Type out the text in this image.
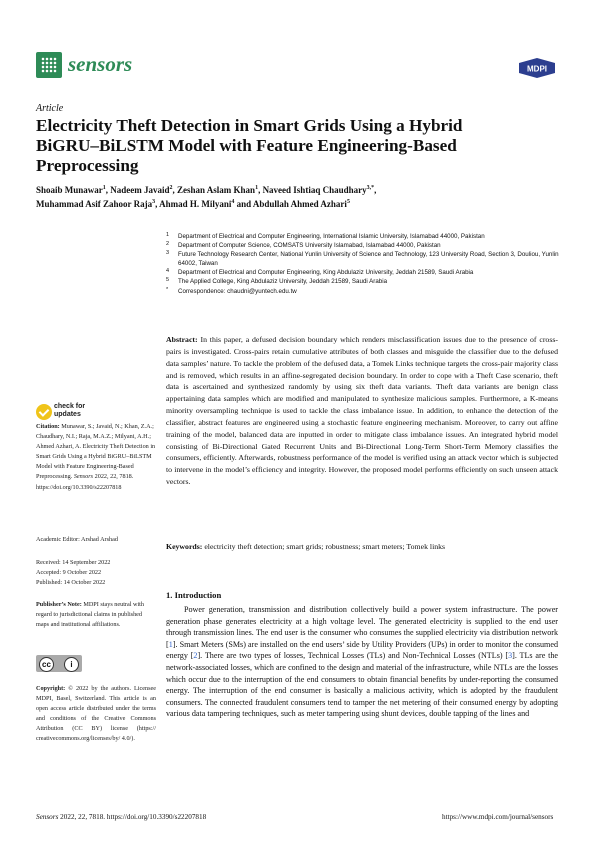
sensors	MDPI
Article
Electricity Theft Detection in Smart Grids Using a Hybrid BiGRU–BiLSTM Model with Feature Engineering-Based Preprocessing
Shoaib Munawar$^1$, Nadeem Javaid$^2$, Zeshan Aslam Khan$^1$, Naveed Ishtiaq Chaudhary$^{3,*}$,
Muhammad Asif Zahoor Raja$^3$, Ahmad H. Milyani$^4$ and Abdullah Ahmed Azhari$^5$
1 Department of Electrical and Computer Engineering, International Islamic University, Islamabad 44000, Pakistan
2 Department of Computer Science, COMSATS University Islamabad, Islamabad 44000, Pakistan
3 Future Technology Research Center, National Yunlin University of Science and Technology, 123 University Road, Section 3, Douliou, Yunlin 64002, Taiwan
4 Department of Electrical and Computer Engineering, King Abdulaziz University, Jeddah 21589, Saudi Arabia
5 The Applied College, King Abdulaziz University, Jeddah 21589, Saudi Arabia
* Correspondence: chaudni@yuntech.edu.tw
Abstract: In this paper, a defused decision boundary which renders misclassification issues due to the presence of cross-pairs is investigated. Cross-pairs retain cumulative attributes of both classes and misguide the classifier due to the defused data samples’ nature. To tackle the problem of the defused data, a Tomek Links technique targets the cross-pair majority class and is removed, which results in an affine-segregated decision boundary. In order to cope with a Theft Case scenario, theft data is ascertained and synthesized randomly by using six theft data variants. Theft data variants are benign class appertaining data samples which are modified and manipulated to synthesize malicious samples. Furthermore, a K-means minority oversampling technique is used to tackle the class imbalance issue. In addition, to enhance the detection of the classifier, abstract features are engineered using a stochastic feature engineering mechanism. Moreover, to carry out affine training of the model, balanced data are inputted in order to mitigate class imbalance issues. An integrated hybrid model consisting of Bi-Directional Gated Recurrent Units and Bi-Directional Long-Term Short-Term Memory classifies the consumers, efficiently. Afterwards, robustness performance of the model is verified using an attack vector which is subjected to intervene in the model’s efficiency and integrity. However, the proposed model performs efficiently on such unseen attack vectors.
Keywords: electricity theft detection; smart grids; robustness; smart meters; Tomek links
check for
updates
Citation: Munawar, S.; Javaid, N.; Khan, Z.A.; Chaudhary, N.I.; Raja, M.A.Z.; Milyani, A.H.; Ahmed Azhari, A. Electricity Theft Detection in Smart Grids Using a Hybrid BiGRU–BiLSTM Model with Feature Engineering-Based Preprocessing. Sensors 2022, 22, 7818. https://doi.org/10.3390/s22207818
Academic Editor: Arshad Arshad
Received: 14 September 2022
Accepted: 9 October 2022
Published: 14 October 2022
Publisher’s Note: MDPI stays neutral with regard to jurisdictional claims in published maps and institutional affiliations.
cc	i
Copyright: © 2022 by the authors. Licensee MDPI, Basel, Switzerland. This article is an open access article distributed under the terms and conditions of the Creative Commons Attribution (CC BY) license (https:// creativecommons.org/licenses/by/ 4.0/).
1. Introduction
Power generation, transmission and distribution collectively build a power system infrastructure. The power generation phase generates electricity at a high voltage level. The generated electricity is supplied to the end user through transmission lines. The end user is the consumer who consumes the supplied electricity via distribution network [1]. Smart Meters (SMs) are installed on the end users’ side by Utility Providers (UPs) in order to monitor the consumed energy [2]. There are two types of losses, Technical Losses (TLs) and Non-Technical Losses (NTLs) [3]. TLs are the network-associated losses, which are confined to the design and material of the infrastructure, while NTLs are the losses which occur due to the interruption of the end consumers to obtain financial benefits by under-reporting the consumed energy. The interruption of the end consumer is basically a malicious activity, which is adopted by the fraudulent consumers. The connected fraudulent consumers tend to tamper the net metering of their consumed energy by adopting various data tampering techniques, such as meter tampering using shunt devices, double tapping of the lines and
Sensors 2022, 22, 7818. https://doi.org/10.3390/s22207818	https://www.mdpi.com/journal/sensors
